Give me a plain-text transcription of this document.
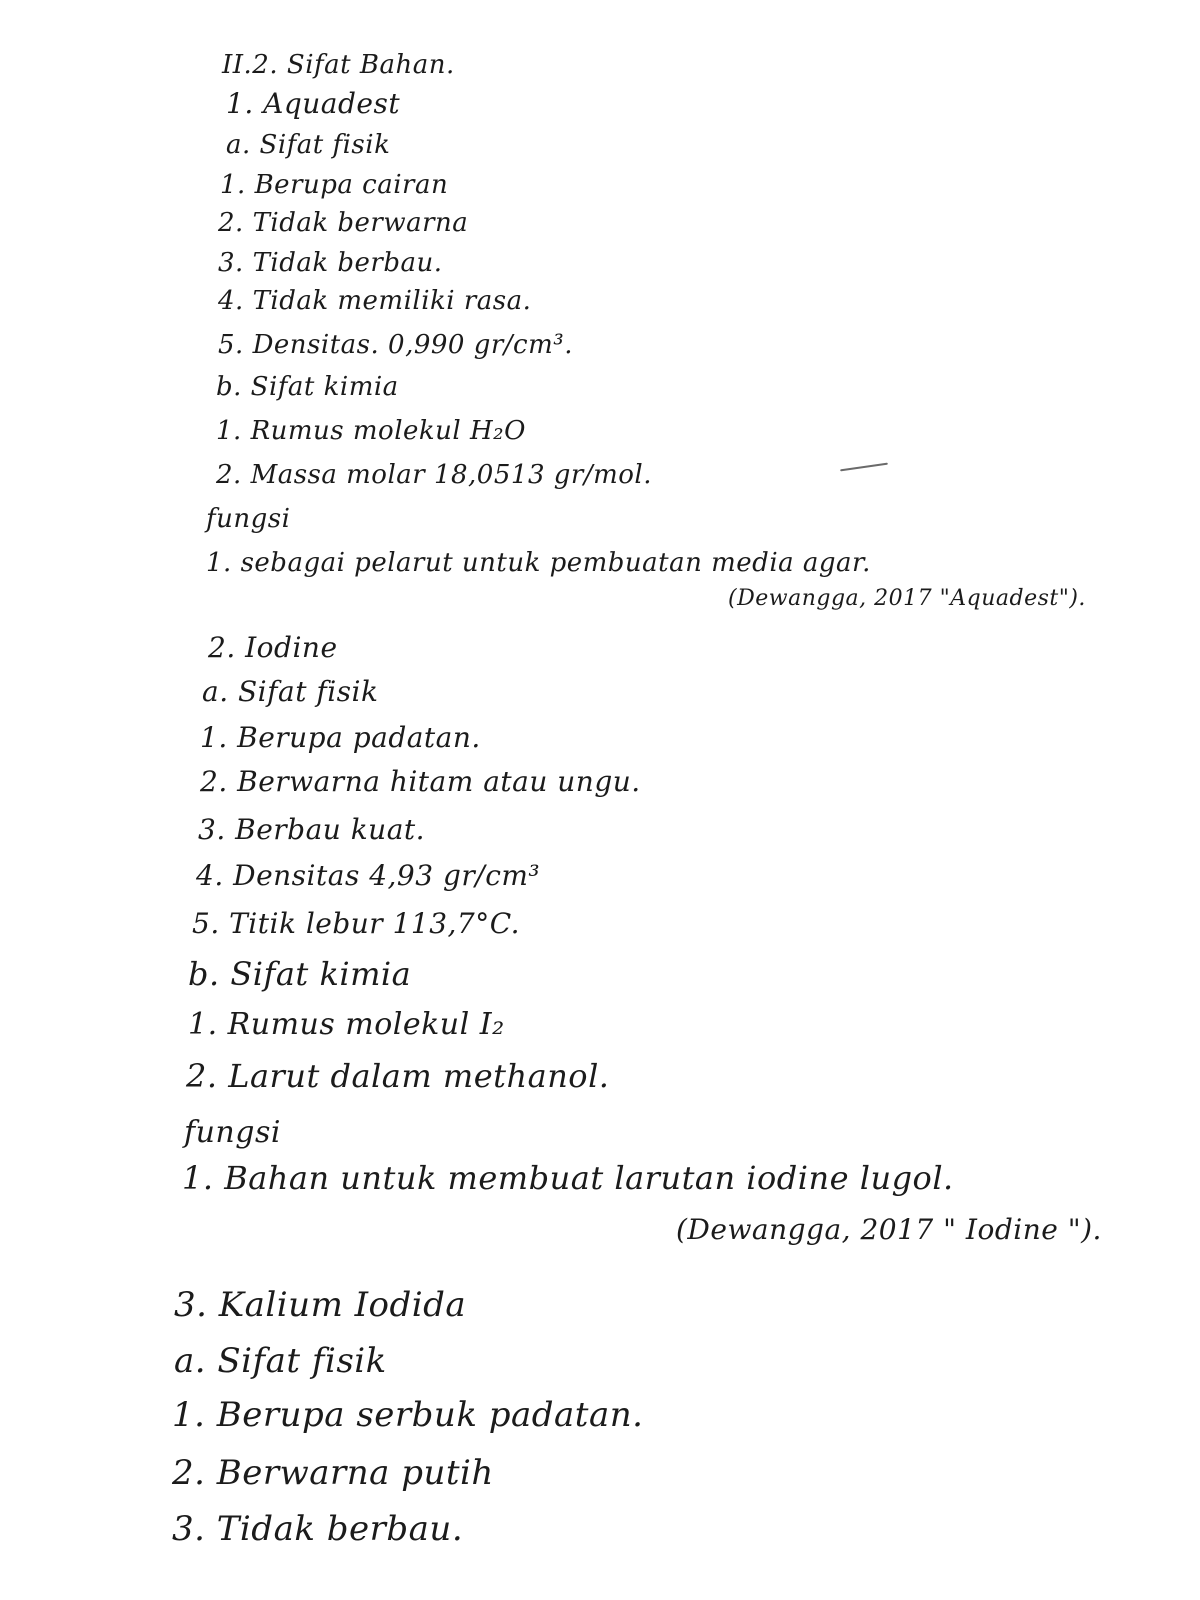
II.2. Sifat Bahan.
1. Aquadest
a. Sifat fisik
1. Berupa cairan
2. Tidak berwarna
3. Tidak berbau.
4. Tidak memiliki rasa.
5. Densitas. 0,990 gr/cm³.
b. Sifat kimia
1. Rumus molekul H₂O
2. Massa molar 18,0513 gr/mol.
fungsi
1. sebagai pelarut untuk pembuatan media agar.
(Dewangga, 2017 "Aquadest").
2. Iodine
a. Sifat fisik
1. Berupa padatan.
2. Berwarna hitam atau ungu.
3. Berbau kuat.
4. Densitas 4,93 gr/cm³
5. Titik lebur 113,7°C.
b. Sifat kimia
1. Rumus molekul I₂
2. Larut dalam methanol.
fungsi
1. Bahan untuk membuat larutan iodine lugol.
(Dewangga, 2017 " Iodine ").
3. Kalium Iodida
a. Sifat fisik
1. Berupa serbuk padatan.
2. Berwarna putih
3. Tidak berbau.
